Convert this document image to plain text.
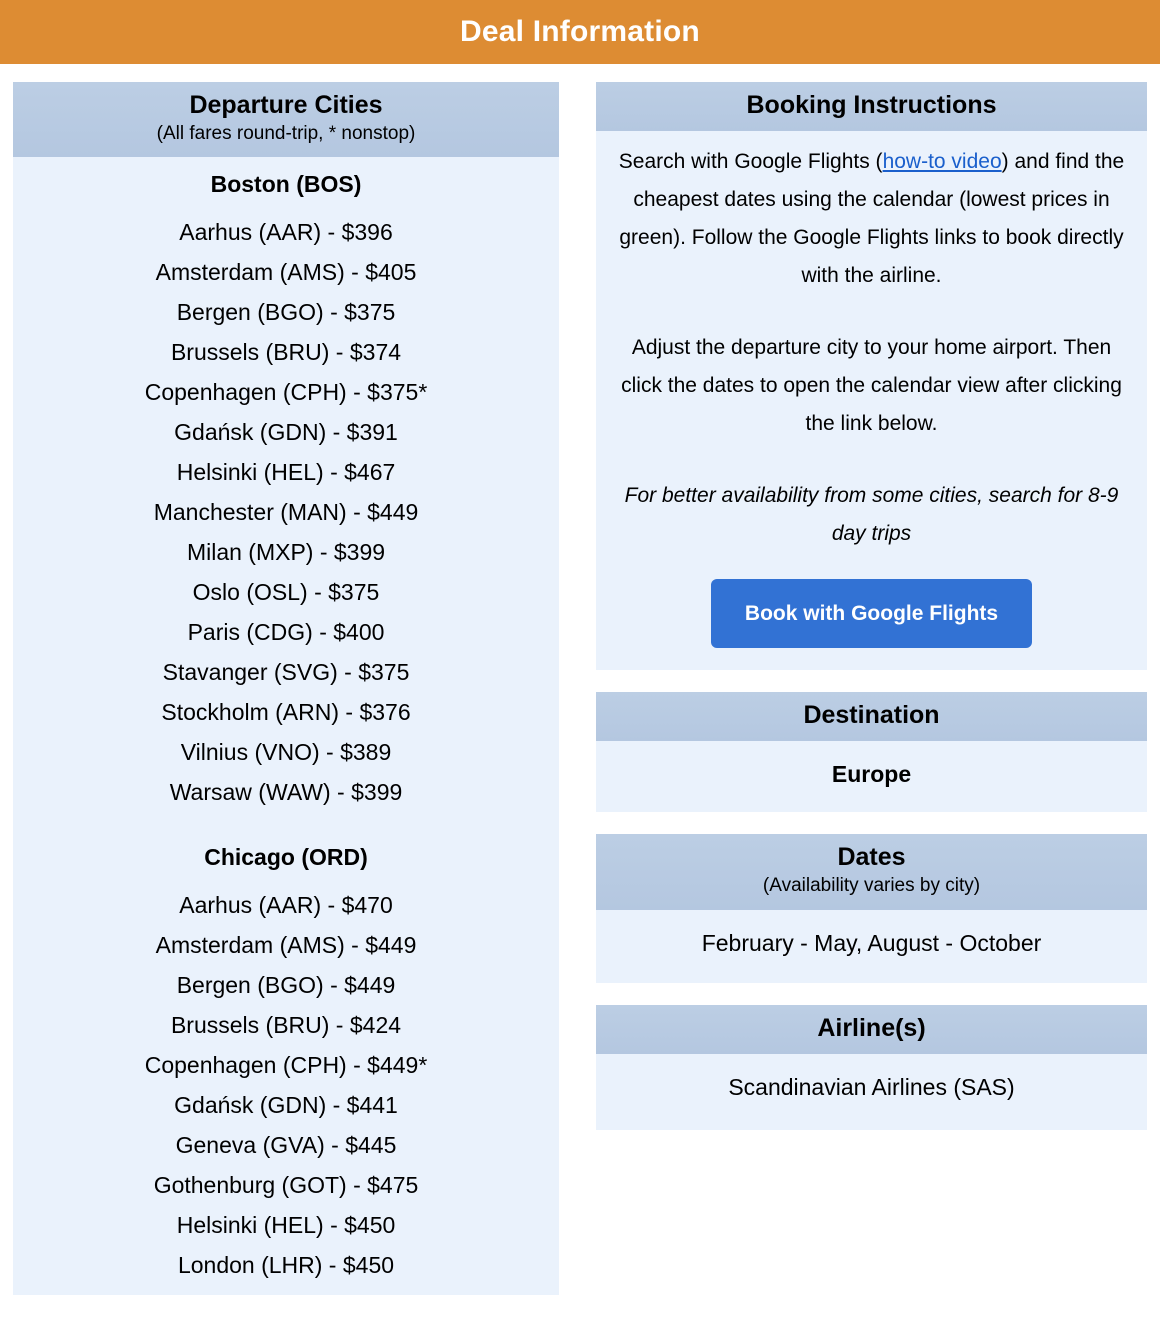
Deal Information
Departure Cities
(All fares round-trip, * nonstop)
Boston (BOS)
Aarhus (AAR) - $396
Amsterdam (AMS) - $405
Bergen (BGO) - $375
Brussels (BRU) - $374
Copenhagen (CPH) - $375*
Gdańsk (GDN) - $391
Helsinki (HEL) - $467
Manchester (MAN) - $449
Milan (MXP) - $399
Oslo (OSL) - $375
Paris (CDG) - $400
Stavanger (SVG) - $375
Stockholm (ARN) - $376
Vilnius (VNO) - $389
Warsaw (WAW) - $399
Chicago (ORD)
Aarhus (AAR) - $470
Amsterdam (AMS) - $449
Bergen (BGO) - $449
Brussels (BRU) - $424
Copenhagen (CPH) - $449*
Gdańsk (GDN) - $441
Geneva (GVA) - $445
Gothenburg (GOT) - $475
Helsinki (HEL) - $450
London (LHR) - $450
Booking Instructions

Search with Google Flights (how-to video) and find the cheapest dates using the calendar (lowest prices in green). Follow the Google Flights links to book directly with the airline.

Adjust the departure city to your home airport. Then click the dates to open the calendar view after clicking the link below.

For better availability from some cities, search for 8-9 day trips

Book with Google Flights
Destination
Europe
Dates
(Availability varies by city)
February - May, August - October
Airline(s)
Scandinavian Airlines (SAS)
